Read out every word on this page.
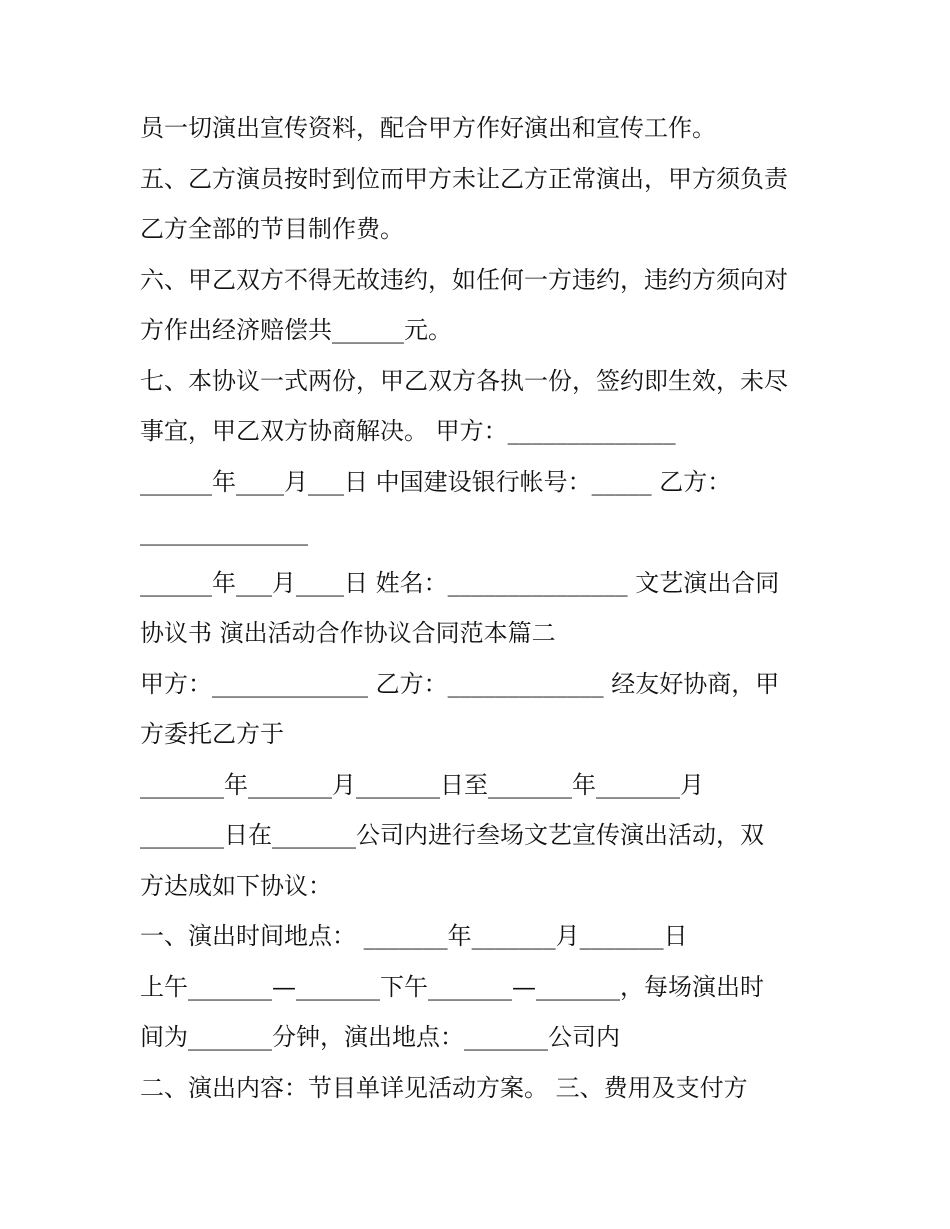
员一切演出宣传资料，配合甲方作好演出和宣传工作。
五、乙方演员按时到位而甲方未让乙方正常演出，甲方须负责
乙方全部的节目制作费。
六、甲乙双方不得无故违约，如任何一方违约，违约方须向对
方作出经济赔偿共______元。
七、本协议一式两份，甲乙双方各执一份，签约即生效，未尽
事宜，甲乙双方协商解决。 甲方：______________
______年____月___日 中国建设银行帐号：_____ 乙方：
______________
______年___月____日 姓名：_______________ 文艺演出合同
协议书 演出活动合作协议合同范本篇二
甲方：_____________ 乙方：_____________ 经友好协商，甲
方委托乙方于
_______年_______月_______日至_______年_______月
_______日在_______公司内进行叁场文艺宣传演出活动，双
方达成如下协议：
一、演出时间地点： _______年_______月_______日
上午_______—_______下午_______—_______，每场演出时
间为_______分钟，演出地点：_______公司内
二、演出内容：节目单详见活动方案。 三、费用及支付方
